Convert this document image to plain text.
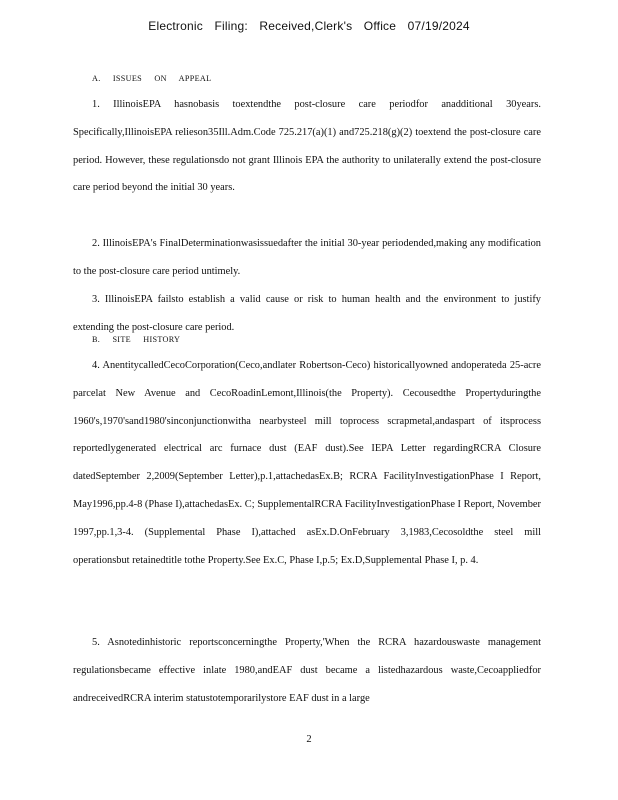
Electronic Filing: Received,Clerk's Office 07/19/2024
A. ISSUES ON APPEAL

1. IllinoisEPA hasnobasis toextendthe post-closure care periodfor anadditional 30years. Specifically,IllinoisEPA relieson35Ill.Adm.Code 725.217(a)(1) and725.218(g)(2) toextend the post-closure care period. However, these regulationsdo not grant Illinois EPA the authority to unilaterally extend the post-closure care period beyond the initial 30 years.

2. IllinoisEPA's FinalDeterminationwasissuedafter the initial 30-year periodended,making any modification to the post-closure care period untimely.

3. IllinoisEPA failsto establish a valid cause or risk to human health and the environment to justify extending the post-closure care period.

B. SITE HISTORY

4. AnentitycalledCecoCorporation(Ceco,andlater Robertson-Ceco) historicallyowned andoperateda 25-acre parcelat New Avenue and CecoRoadinLemont,Illinois(the Property). Cecousedthe Propertyduringthe 1960's,1970'sand1980'sinconjunctionwitha nearbysteel mill toprocess scrapmetal,andaspart of itsprocess reportedlygenerated electrical arc furnace dust (EAF dust).See IEPA Letter regardingRCRA Closure datedSeptember 2,2009(September Letter),p.1,attachedasEx.B; RCRA FacilityInvestigationPhase I Report, May1996,pp.4-8 (Phase I),attachedasEx. C; SupplementalRCRA FacilityInvestigationPhase I Report, November 1997,pp.1,3-4. (Supplemental Phase I),attached asEx.D.OnFebruary 3,1983,Cecosoldthe steel mill operationsbut retainedtitle tothe Property.See Ex.C, Phase I,p.5; Ex.D,Supplemental Phase I, p. 4.

5. Asnotedinhistoric reportsconcerningthe Property,'When the RCRA hazardouswaste management regulationsbecame effective inlate 1980,andEAF dust became a listedhazardous waste,Cecoappliedfor andreceivedRCRA interim statustotemporarilystore EAF dust in a large

2
